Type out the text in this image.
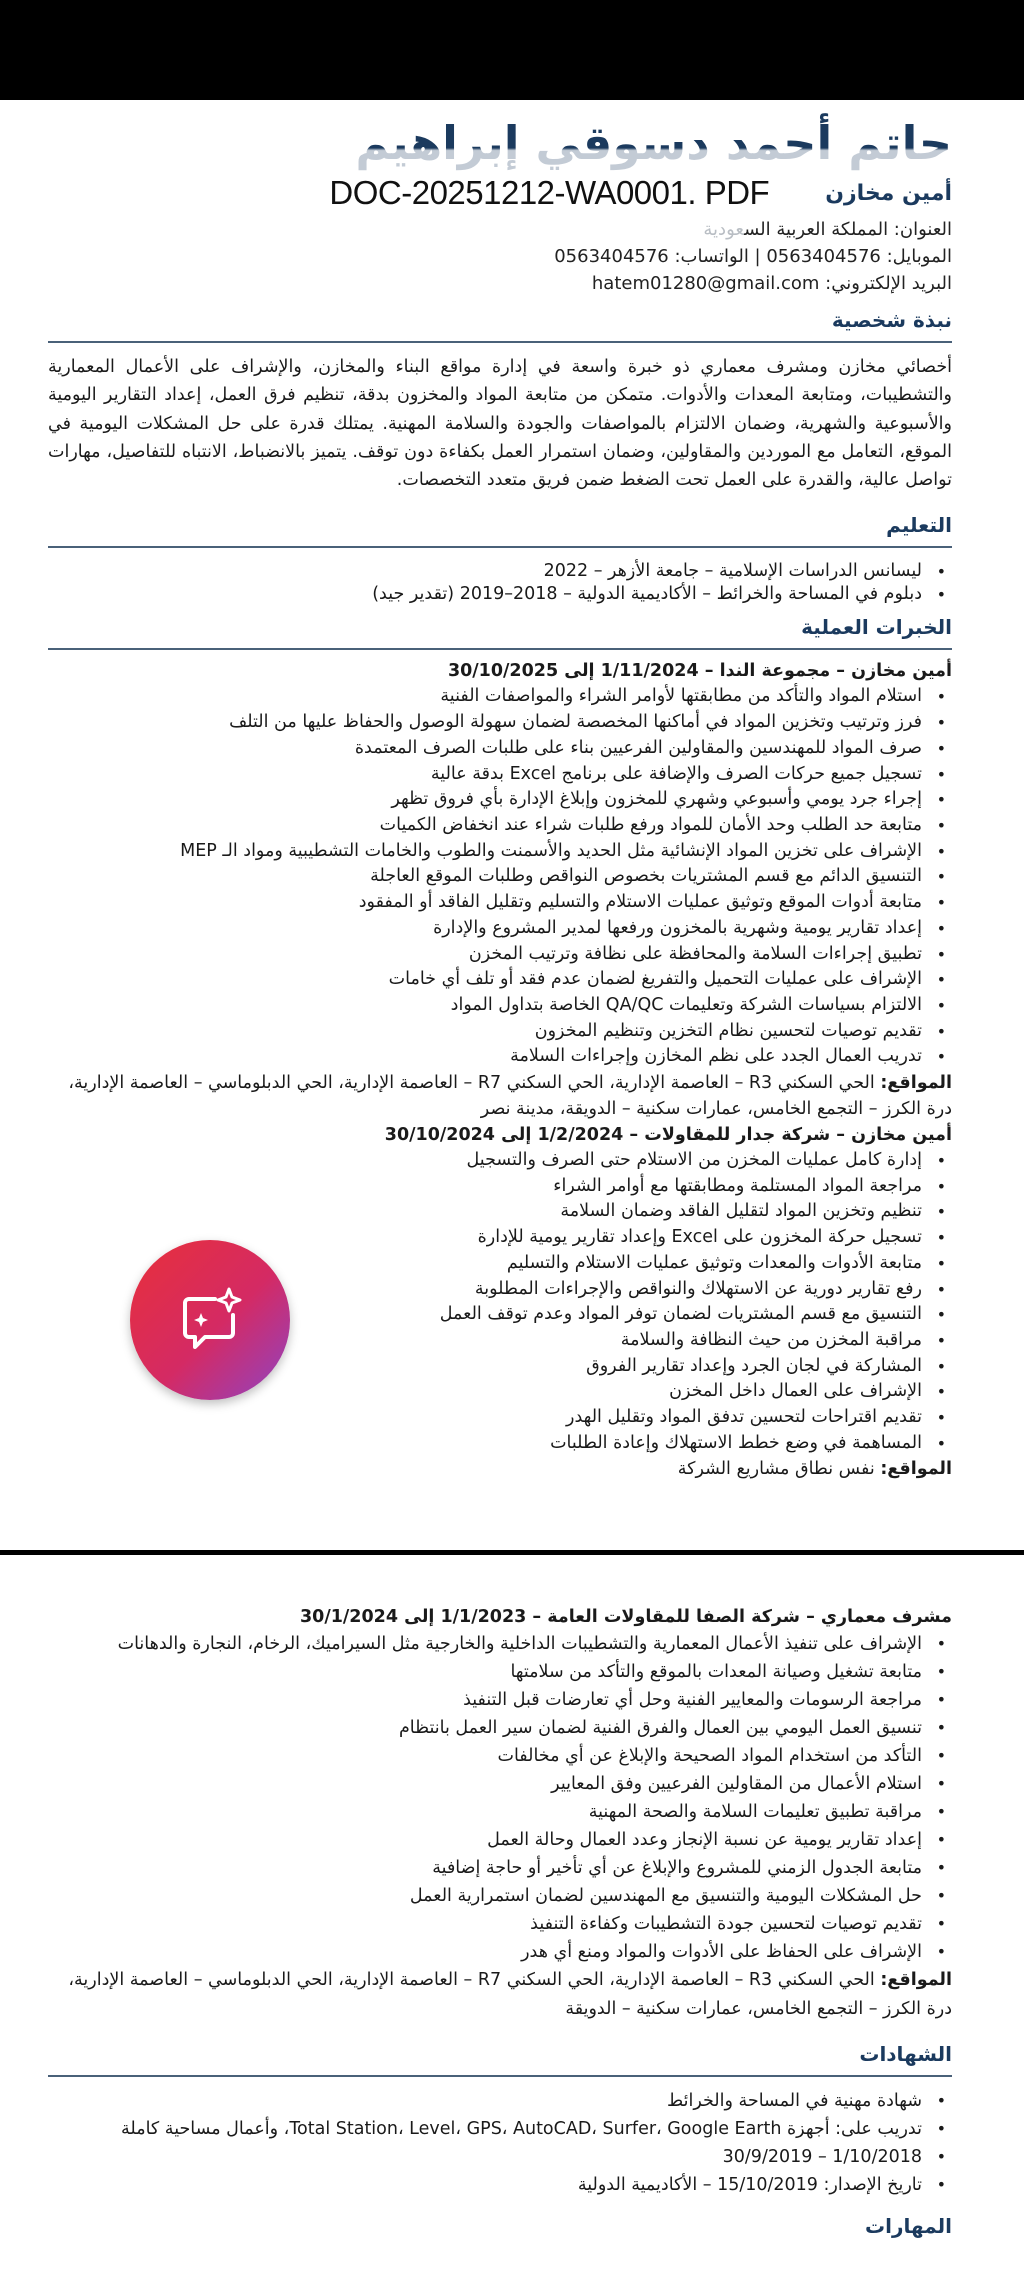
حاتم أحمد دسوقي إبراهيم
أمين مخازن
DOC-20251212-WA0001. PDF
العنوان: المملكة العربية السعودية
الموبايل: 0563404576 | الواتساب: 0563404576
البريد الإلكتروني: hatem01280@gmail.com
نبذة شخصية

أخصائي مخازن ومشرف معماري ذو خبرة واسعة في إدارة مواقع البناء والمخازن، والإشراف على الأعمال المعمارية والتشطيبات، ومتابعة المعدات والأدوات. متمكن من متابعة المواد والمخزون بدقة، تنظيم فرق العمل، إعداد التقارير اليومية والأسبوعية والشهرية، وضمان الالتزام بالمواصفات والجودة والسلامة المهنية. يمتلك قدرة على حل المشكلات اليومية في الموقع، التعامل مع الموردين والمقاولين، وضمان استمرار العمل بكفاءة دون توقف. يتميز بالانضباط، الانتباه للتفاصيل، مهارات تواصل عالية، والقدرة على العمل تحت الضغط ضمن فريق متعدد التخصصات.

التعليم
• ليسانس الدراسات الإسلامية – جامعة الأزهر – 2022
• دبلوم في المساحة والخرائط – الأكاديمية الدولية – 2018–2019 (تقدير جيد)
الخبرات العملية
أمين مخازن – مجموعة الندا – 1/11/2024 إلى 30/10/2025
• استلام المواد والتأكد من مطابقتها لأوامر الشراء والمواصفات الفنية
• فرز وترتيب وتخزين المواد في أماكنها المخصصة لضمان سهولة الوصول والحفاظ عليها من التلف
• صرف المواد للمهندسين والمقاولين الفرعيين بناء على طلبات الصرف المعتمدة
• تسجيل جميع حركات الصرف والإضافة على برنامج Excel بدقة عالية
• إجراء جرد يومي وأسبوعي وشهري للمخزون وإبلاغ الإدارة بأي فروق تظهر
• متابعة حد الطلب وحد الأمان للمواد ورفع طلبات شراء عند انخفاض الكميات
• الإشراف على تخزين المواد الإنشائية مثل الحديد والأسمنت والطوب والخامات التشطيبية ومواد الـ MEP
• التنسيق الدائم مع قسم المشتريات بخصوص النواقص وطلبات الموقع العاجلة
• متابعة أدوات الموقع وتوثيق عمليات الاستلام والتسليم وتقليل الفاقد أو المفقود
• إعداد تقارير يومية وشهرية بالمخزون ورفعها لمدير المشروع والإدارة
• تطبيق إجراءات السلامة والمحافظة على نظافة وترتيب المخزن
• الإشراف على عمليات التحميل والتفريغ لضمان عدم فقد أو تلف أي خامات
• الالتزام بسياسات الشركة وتعليمات QA/QC الخاصة بتداول المواد
• تقديم توصيات لتحسين نظام التخزين وتنظيم المخزون
• تدريب العمال الجدد على نظم المخازن وإجراءات السلامة
المواقع: الحي السكني R3 – العاصمة الإدارية، الحي السكني R7 – العاصمة الإدارية، الحي الدبلوماسي – العاصمة الإدارية، درة الكرز – التجمع الخامس، عمارات سكنية – الدويقة، مدينة نصر
أمين مخازن – شركة جدار للمقاولات – 1/2/2024 إلى 30/10/2024
• إدارة كامل عمليات المخزن من الاستلام حتى الصرف والتسجيل
• مراجعة المواد المستلمة ومطابقتها مع أوامر الشراء
• تنظيم وتخزين المواد لتقليل الفاقد وضمان السلامة
• تسجيل حركة المخزون على Excel وإعداد تقارير يومية للإدارة
• متابعة الأدوات والمعدات وتوثيق عمليات الاستلام والتسليم
• رفع تقارير دورية عن الاستهلاك والنواقص والإجراءات المطلوبة
• التنسيق مع قسم المشتريات لضمان توفر المواد وعدم توقف العمل
• مراقبة المخزن من حيث النظافة والسلامة
• المشاركة في لجان الجرد وإعداد تقارير الفروق
• الإشراف على العمال داخل المخزن
• تقديم اقتراحات لتحسين تدفق المواد وتقليل الهدر
• المساهمة في وضع خطط الاستهلاك وإعادة الطلبات
المواقع: نفس نطاق مشاريع الشركة
مشرف معماري – شركة الصفا للمقاولات العامة – 1/1/2023 إلى 30/1/2024
• الإشراف على تنفيذ الأعمال المعمارية والتشطيبات الداخلية والخارجية مثل السيراميك، الرخام، النجارة والدهانات
• متابعة تشغيل وصيانة المعدات بالموقع والتأكد من سلامتها
• مراجعة الرسومات والمعايير الفنية وحل أي تعارضات قبل التنفيذ
• تنسيق العمل اليومي بين العمال والفرق الفنية لضمان سير العمل بانتظام
• التأكد من استخدام المواد الصحيحة والإبلاغ عن أي مخالفات
• استلام الأعمال من المقاولين الفرعيين وفق المعايير
• مراقبة تطبيق تعليمات السلامة والصحة المهنية
• إعداد تقارير يومية عن نسبة الإنجاز وعدد العمال وحالة العمل
• متابعة الجدول الزمني للمشروع والإبلاغ عن أي تأخير أو حاجة إضافية
• حل المشكلات اليومية والتنسيق مع المهندسين لضمان استمرارية العمل
• تقديم توصيات لتحسين جودة التشطيبات وكفاءة التنفيذ
• الإشراف على الحفاظ على الأدوات والمواد ومنع أي هدر
المواقع: الحي السكني R3 – العاصمة الإدارية، الحي السكني R7 – العاصمة الإدارية، الحي الدبلوماسي – العاصمة الإدارية، درة الكرز – التجمع الخامس، عمارات سكنية – الدويقة
الشهادات
• شهادة مهنية في المساحة والخرائط
• تدريب على: أجهزة Total Station، Level، GPS، AutoCAD، Surfer، Google Earth، وأعمال مساحية كاملة
• 1/10/2018 – 30/9/2019
• تاريخ الإصدار: 15/10/2019 – الأكاديمية الدولية
المهارات
